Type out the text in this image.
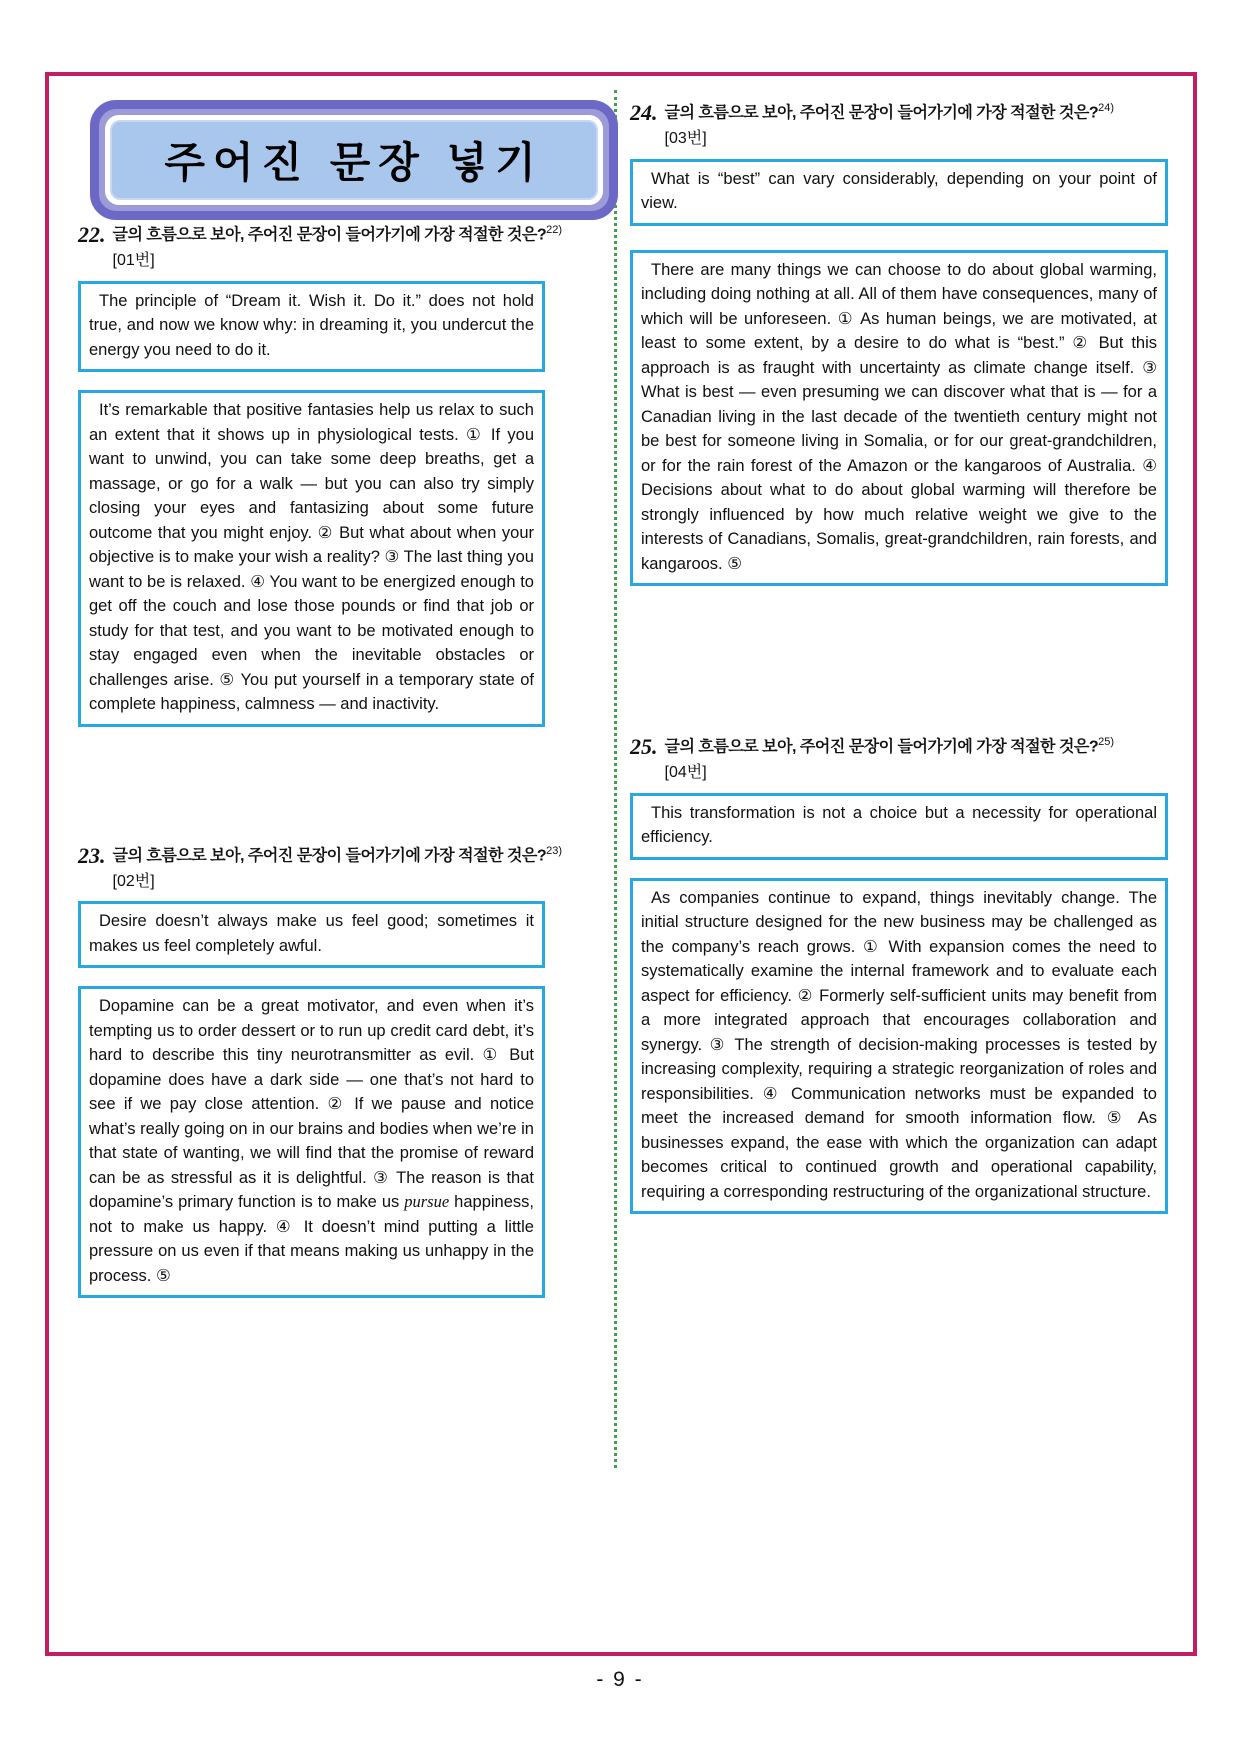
주어진 문장 넣기
22. 글의 흐름으로 보아, 주어진 문장이 들어가기에 가장 적절한 것은?$^{22)}$
[01번]
The principle of “Dream it. Wish it. Do it.” does not hold true, and now we know why: in dreaming it, you undercut the energy you need to do it.
It’s remarkable that positive fantasies help us relax to such an extent that it shows up in physiological tests. ① If you want to unwind, you can take some deep breaths, get a massage, or go for a walk — but you can also try simply closing your eyes and fantasizing about some future outcome that you might enjoy. ② But what about when your objective is to make your wish a reality? ③ The last thing you want to be is relaxed. ④ You want to be energized enough to get off the couch and lose those pounds or find that job or study for that test, and you want to be motivated enough to stay engaged even when the inevitable obstacles or challenges arise. ⑤ You put yourself in a temporary state of complete happiness, calmness — and inactivity.
23. 글의 흐름으로 보아, 주어진 문장이 들어가기에 가장 적절한 것은?$^{23)}$
[02번]
Desire doesn’t always make us feel good; sometimes it makes us feel completely awful.
Dopamine can be a great motivator, and even when it’s tempting us to order dessert or to run up credit card debt, it’s hard to describe this tiny neurotransmitter as evil. ① But dopamine does have a dark side — one that’s not hard to see if we pay close attention. ② If we pause and notice what’s really going on in our brains and bodies when we’re in that state of wanting, we will find that the promise of reward can be as stressful as it is delightful. ③ The reason is that dopamine’s primary function is to make us pursue happiness, not to make us happy. ④ It doesn’t mind putting a little pressure on us even if that means making us unhappy in the process. ⑤
24. 글의 흐름으로 보아, 주어진 문장이 들어가기에 가장 적절한 것은?$^{24)}$
[03번]
What is “best” can vary considerably, depending on your point of view.
There are many things we can choose to do about global warming, including doing nothing at all. All of them have consequences, many of which will be unforeseen. ① As human beings, we are motivated, at least to some extent, by a desire to do what is “best.” ② But this approach is as fraught with uncertainty as climate change itself. ③ What is best — even presuming we can discover what that is — for a Canadian living in the last decade of the twentieth century might not be best for someone living in Somalia, or for our great-grandchildren, or for the rain forest of the Amazon or the kangaroos of Australia. ④ Decisions about what to do about global warming will therefore be strongly influenced by how much relative weight we give to the interests of Canadians, Somalis, great-grandchildren, rain forests, and kangaroos. ⑤
25. 글의 흐름으로 보아, 주어진 문장이 들어가기에 가장 적절한 것은?$^{25)}$
[04번]
This transformation is not a choice but a necessity for operational efficiency.
As companies continue to expand, things inevitably change. The initial structure designed for the new business may be challenged as the company’s reach grows. ① With expansion comes the need to systematically examine the internal framework and to evaluate each aspect for efficiency. ② Formerly self-sufficient units may benefit from a more integrated approach that encourages collaboration and synergy. ③ The strength of decision-making processes is tested by increasing complexity, requiring a strategic reorganization of roles and responsibilities. ④ Communication networks must be expanded to meet the increased demand for smooth information flow. ⑤ As businesses expand, the ease with which the organization can adapt becomes critical to continued growth and operational capability, requiring a corresponding restructuring of the organizational structure.
- 9 -
